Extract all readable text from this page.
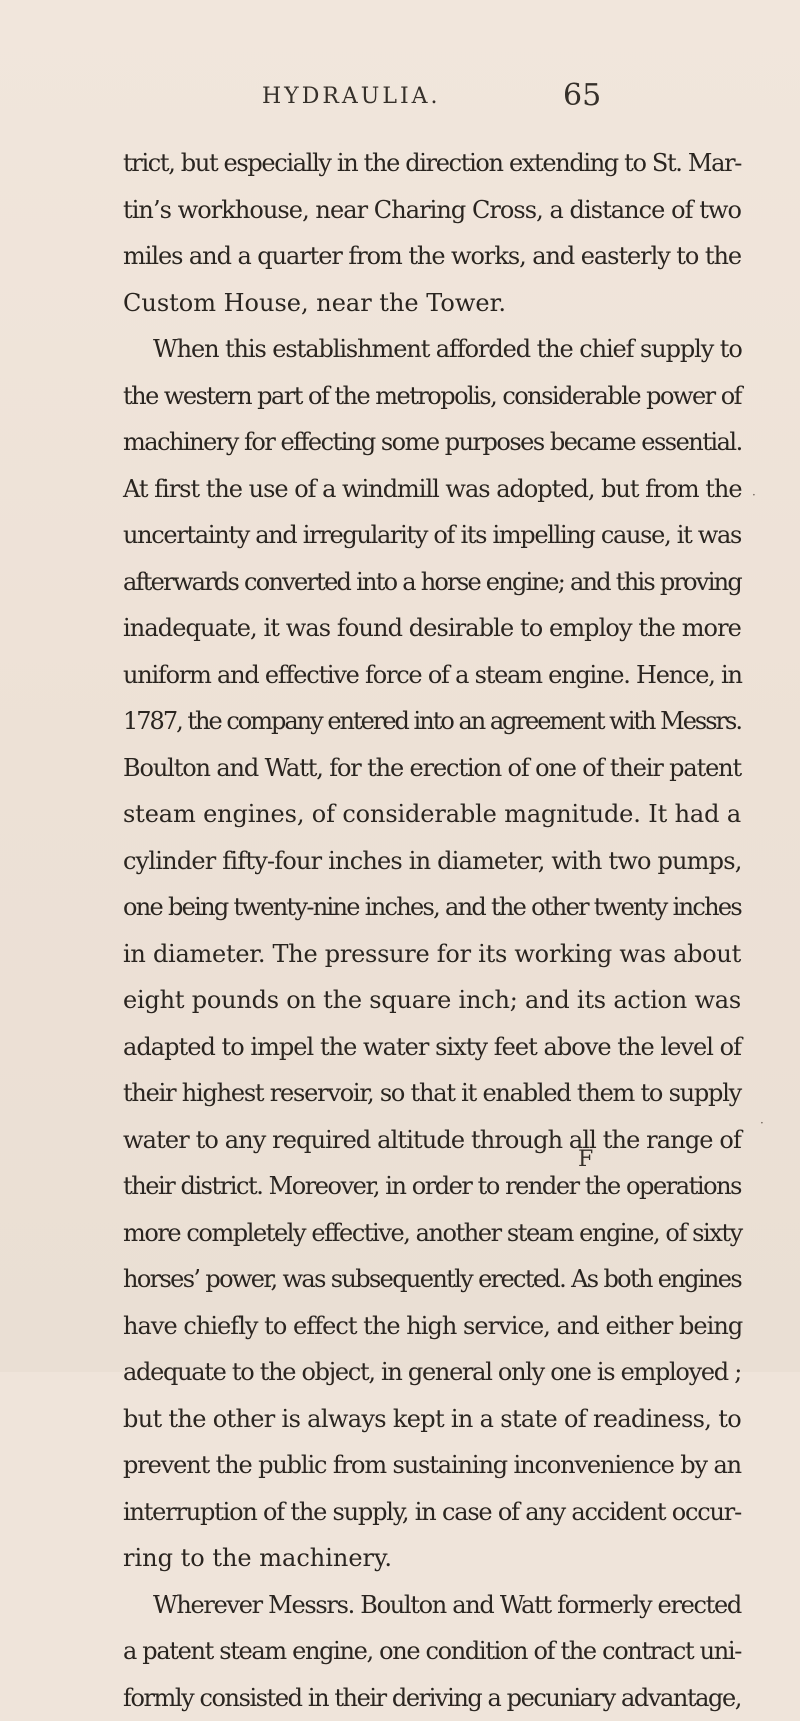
HYDRAULIA.	65
trict, but especially in the direction extending to St. Mar-
tin’s workhouse, near Charing Cross, a distance of two
miles and a quarter from the works, and easterly to the
Custom House, near the Tower.
When this establishment afforded the chief supply to
the western part of the metropolis, considerable power of
machinery for effecting some purposes became essential.
At first the use of a windmill was adopted, but from the
uncertainty and irregularity of its impelling cause, it was
afterwards converted into a horse engine; and this proving
inadequate, it was found desirable to employ the more
uniform and effective force of a steam engine. Hence, in
1787, the company entered into an agreement with Messrs.
Boulton and Watt, for the erection of one of their patent
steam engines, of considerable magnitude. It had a
cylinder fifty-four inches in diameter, with two pumps,
one being twenty-nine inches, and the other twenty inches
in diameter. The pressure for its working was about
eight pounds on the square inch; and its action was
adapted to impel the water sixty feet above the level of
their highest reservoir, so that it enabled them to supply
water to any required altitude through all the range of
their district. Moreover, in order to render the operations
more completely effective, another steam engine, of sixty
horses’ power, was subsequently erected. As both engines
have chiefly to effect the high service, and either being
adequate to the object, in general only one is employed ;
but the other is always kept in a state of readiness, to
prevent the public from sustaining inconvenience by an
interruption of the supply, in case of any accident occur-
ring to the machinery.
Wherever Messrs. Boulton and Watt formerly erected
a patent steam engine, one condition of the contract uni-
formly consisted in their deriving a pecuniary advantage,
F
·
·
